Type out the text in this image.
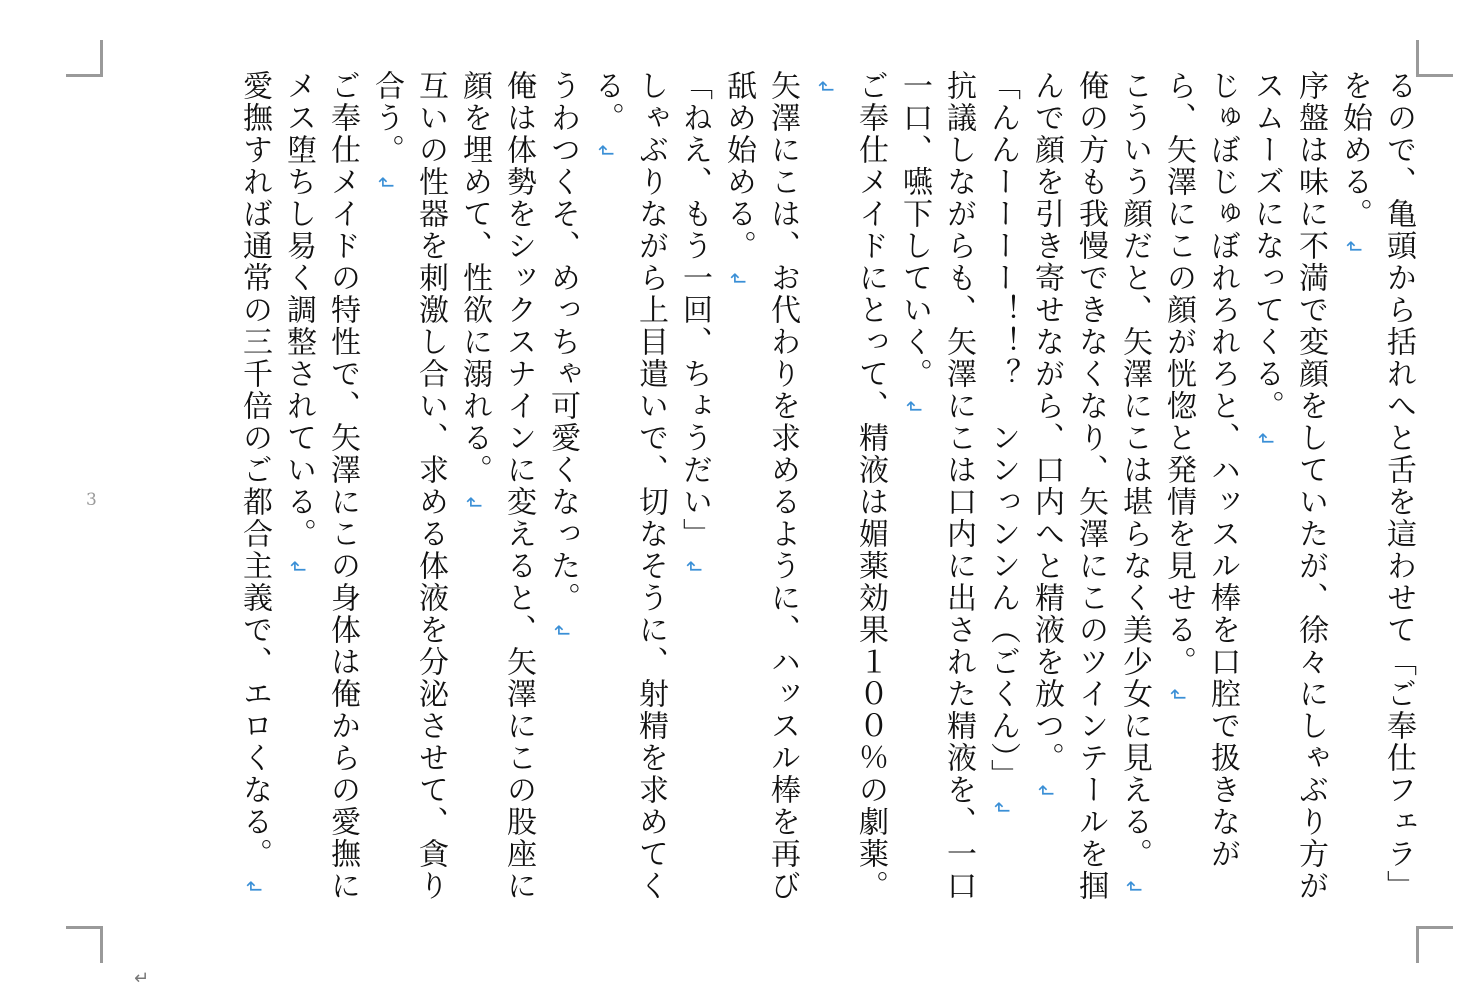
3	るので、亀頭から括れへと舌を這わせて「ご奉仕フェラ」を始める。↲

序盤は味に不満で変顔をしていたが、徐々にしゃぶり方がスムーズになってくる。↲

じゅぼじゅぼれろれろと、ハッスル棒を口腔で扱きながら、矢澤にこの顔が恍惚と発情を見せる。↲

こういう顔だと、矢澤にこは堪らなく美少女に見える。↲

俺の方も我慢できなくなり、矢澤にこのツインテールを掴んで顔を引き寄せながら、口内へと精液を放つ。↲

「んんーーーー！！？　ンンっンンん（ごくん）」↲

抗議しながらも、矢澤にこは口内に出された精液を、一口一口、嚥下していく。↲

ご奉仕メイドにとって、精液は媚薬効果１００％の劇薬。↲

矢澤にこは、お代わりを求めるように、ハッスル棒を再び舐め始める。↲

「ねえ、もう一回、ちょうだい」↲

しゃぶりながら上目遣いで、切なそうに、射精を求めてくる。↲

うわつくそ、めっちゃ可愛くなった。↲

俺は体勢をシックスナインに変えると、矢澤にこの股座に顔を埋めて、性欲に溺れる。↲

互いの性器を刺激し合い、求める体液を分泌させて、貪り合う。↲

ご奉仕メイドの特性で、矢澤にこの身体は俺からの愛撫にメス堕ちし易く調整されている。↲

愛撫すれば通常の三千倍のご都合主義で、エロくなる。↲

↵
